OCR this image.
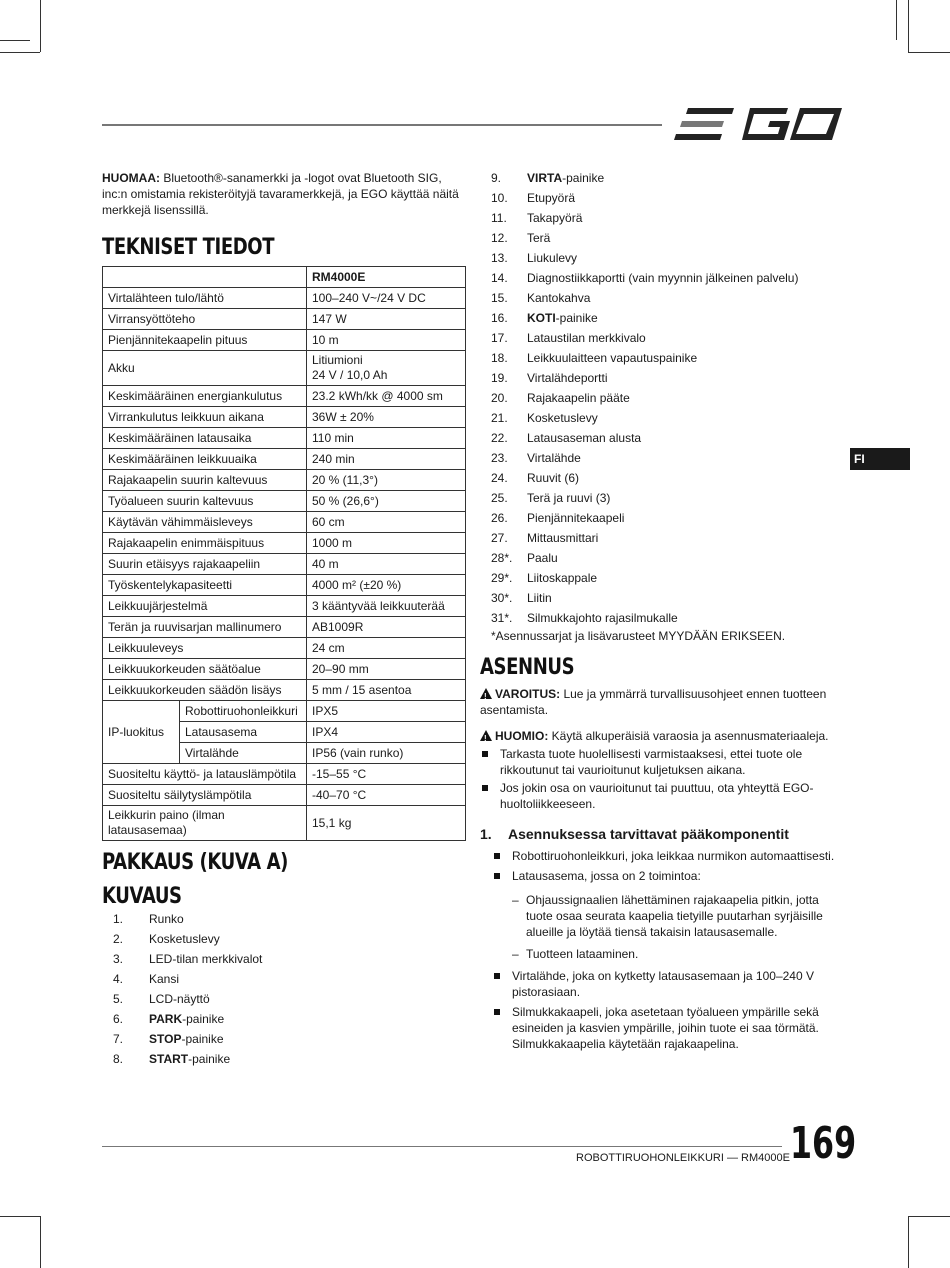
FI

HUOMAA: Bluetooth®-sanamerkki ja -logot ovat Bluetooth SIG, inc:n omistamia rekisteröityjä tavaramerkkejä, ja EGO käyttää näitä merkkejä lisenssillä.

TEKNISET TIEDOT
		RM4000E
Virtalähteen tulo/lähtö		100–240 V~/24 V DC
Virransyöttöteho		147 W
Pienjännitekaapelin pituus		10 m
Akku		Litiumioni
24 V / 10,0 Ah
Keskimääräinen energiankulutus		23.2 kWh/kk @ 4000 sm
Virrankulutus leikkuun aikana		36W ± 20%
Keskimääräinen latausaika		110 min
Keskimääräinen leikkuuaika		240 min
Rajakaapelin suurin kaltevuus		20 % (11,3°)
Työalueen suurin kaltevuus		50 % (26,6°)
Käytävän vähimmäisleveys		60 cm
Rajakaapelin enimmäispituus		1000 m
Suurin etäisyys rajakaapeliin		40 m
Työskentelykapasiteetti		4000 m² (±20 %)
Leikkuujärjestelmä		3 kääntyvää leikkuuterää
Terän ja ruuvisarjan mallinumero		AB1009R
Leikkuuleveys		24 cm
Leikkuukorkeuden säätöalue		20–90 mm
Leikkuukorkeuden säädön lisäys		5 mm / 15 asentoa
IP-luokitus	Robottiruohonleikkuri	IPX5
	Latausasema	IPX4
	Virtalähde	IP56 (vain runko)
Suositeltu käyttö- ja latauslämpötila		-15–55 °C
Suositeltu säilytyslämpötila		-40–70 °C
Leikkurin paino (ilman latausasemaa)		15,1 kg
PAKKAUS (KUVA A)
KUVAUS
1.	Runko
2.	Kosketuslevy
3.	LED-tilan merkkivalot
4.	Kansi
5.	LCD-näyttö
6.	PARK-painike
7.	STOP-painike
8.	START-painike
9.	VIRTA-painike
10.	Etupyörä
11.	Takapyörä
12.	Terä
13.	Liukulevy
14.	Diagnostiikkaportti (vain myynnin jälkeinen palvelu)
15.	Kantokahva
16.	KOTI-painike
17.	Lataustilan merkkivalo
18.	Leikkuulaitteen vapautuspainike
19.	Virtalähdeportti
20.	Rajakaapelin pääte
21.	Kosketuslevy
22.	Latausaseman alusta
23.	Virtalähde
24.	Ruuvit (6)
25.	Terä ja ruuvi (3)
26.	Pienjännitekaapeli
27.	Mittausmittari
28*.	Paalu
29*.	Liitoskappale
30*.	Liitin
31*.	Silmukkajohto rajasilmukalle
*Asennussarjat ja lisävarusteet MYYDÄÄN ERIKSEEN.
ASENNUS

!VAROITUS: Lue ja ymmärrä turvallisuusohjeet ennen tuotteen asentamista.

!HUOMIO: Käytä alkuperäisiä varaosia ja asennusmateriaaleja.

Tarkasta tuote huolellisesti varmistaaksesi, ettei tuote ole rikkoutunut tai vaurioitunut kuljetuksen aikana.
Jos jokin osa on vaurioitunut tai puuttuu, ota yhteyttä EGO-huoltoliikkeeseen.
1.	Asennuksessa tarvittavat pääkomponentit
Robottiruohonleikkuri, joka leikkaa nurmikon automaattisesti.
Latausasema, jossa on 2 toimintoa:
– Ohjaussignaalien lähettäminen rajakaapelia pitkin, jotta tuote osaa seurata kaapelia tietyille puutarhan syrjäisille alueille ja löytää tiensä takaisin latausasemalle.
– Tuotteen lataaminen.
Virtalähde, joka on kytketty latausasemaan ja 100–240 V pistorasiaan.
Silmukkakaapeli, joka asetetaan työalueen ympärille sekä esineiden ja kasvien ympärille, joihin tuote ei saa törmätä. Silmukkakaapelia käytetään rajakaapelina.
ROBOTTIRUOHONLEIKKURI — RM4000E 169
